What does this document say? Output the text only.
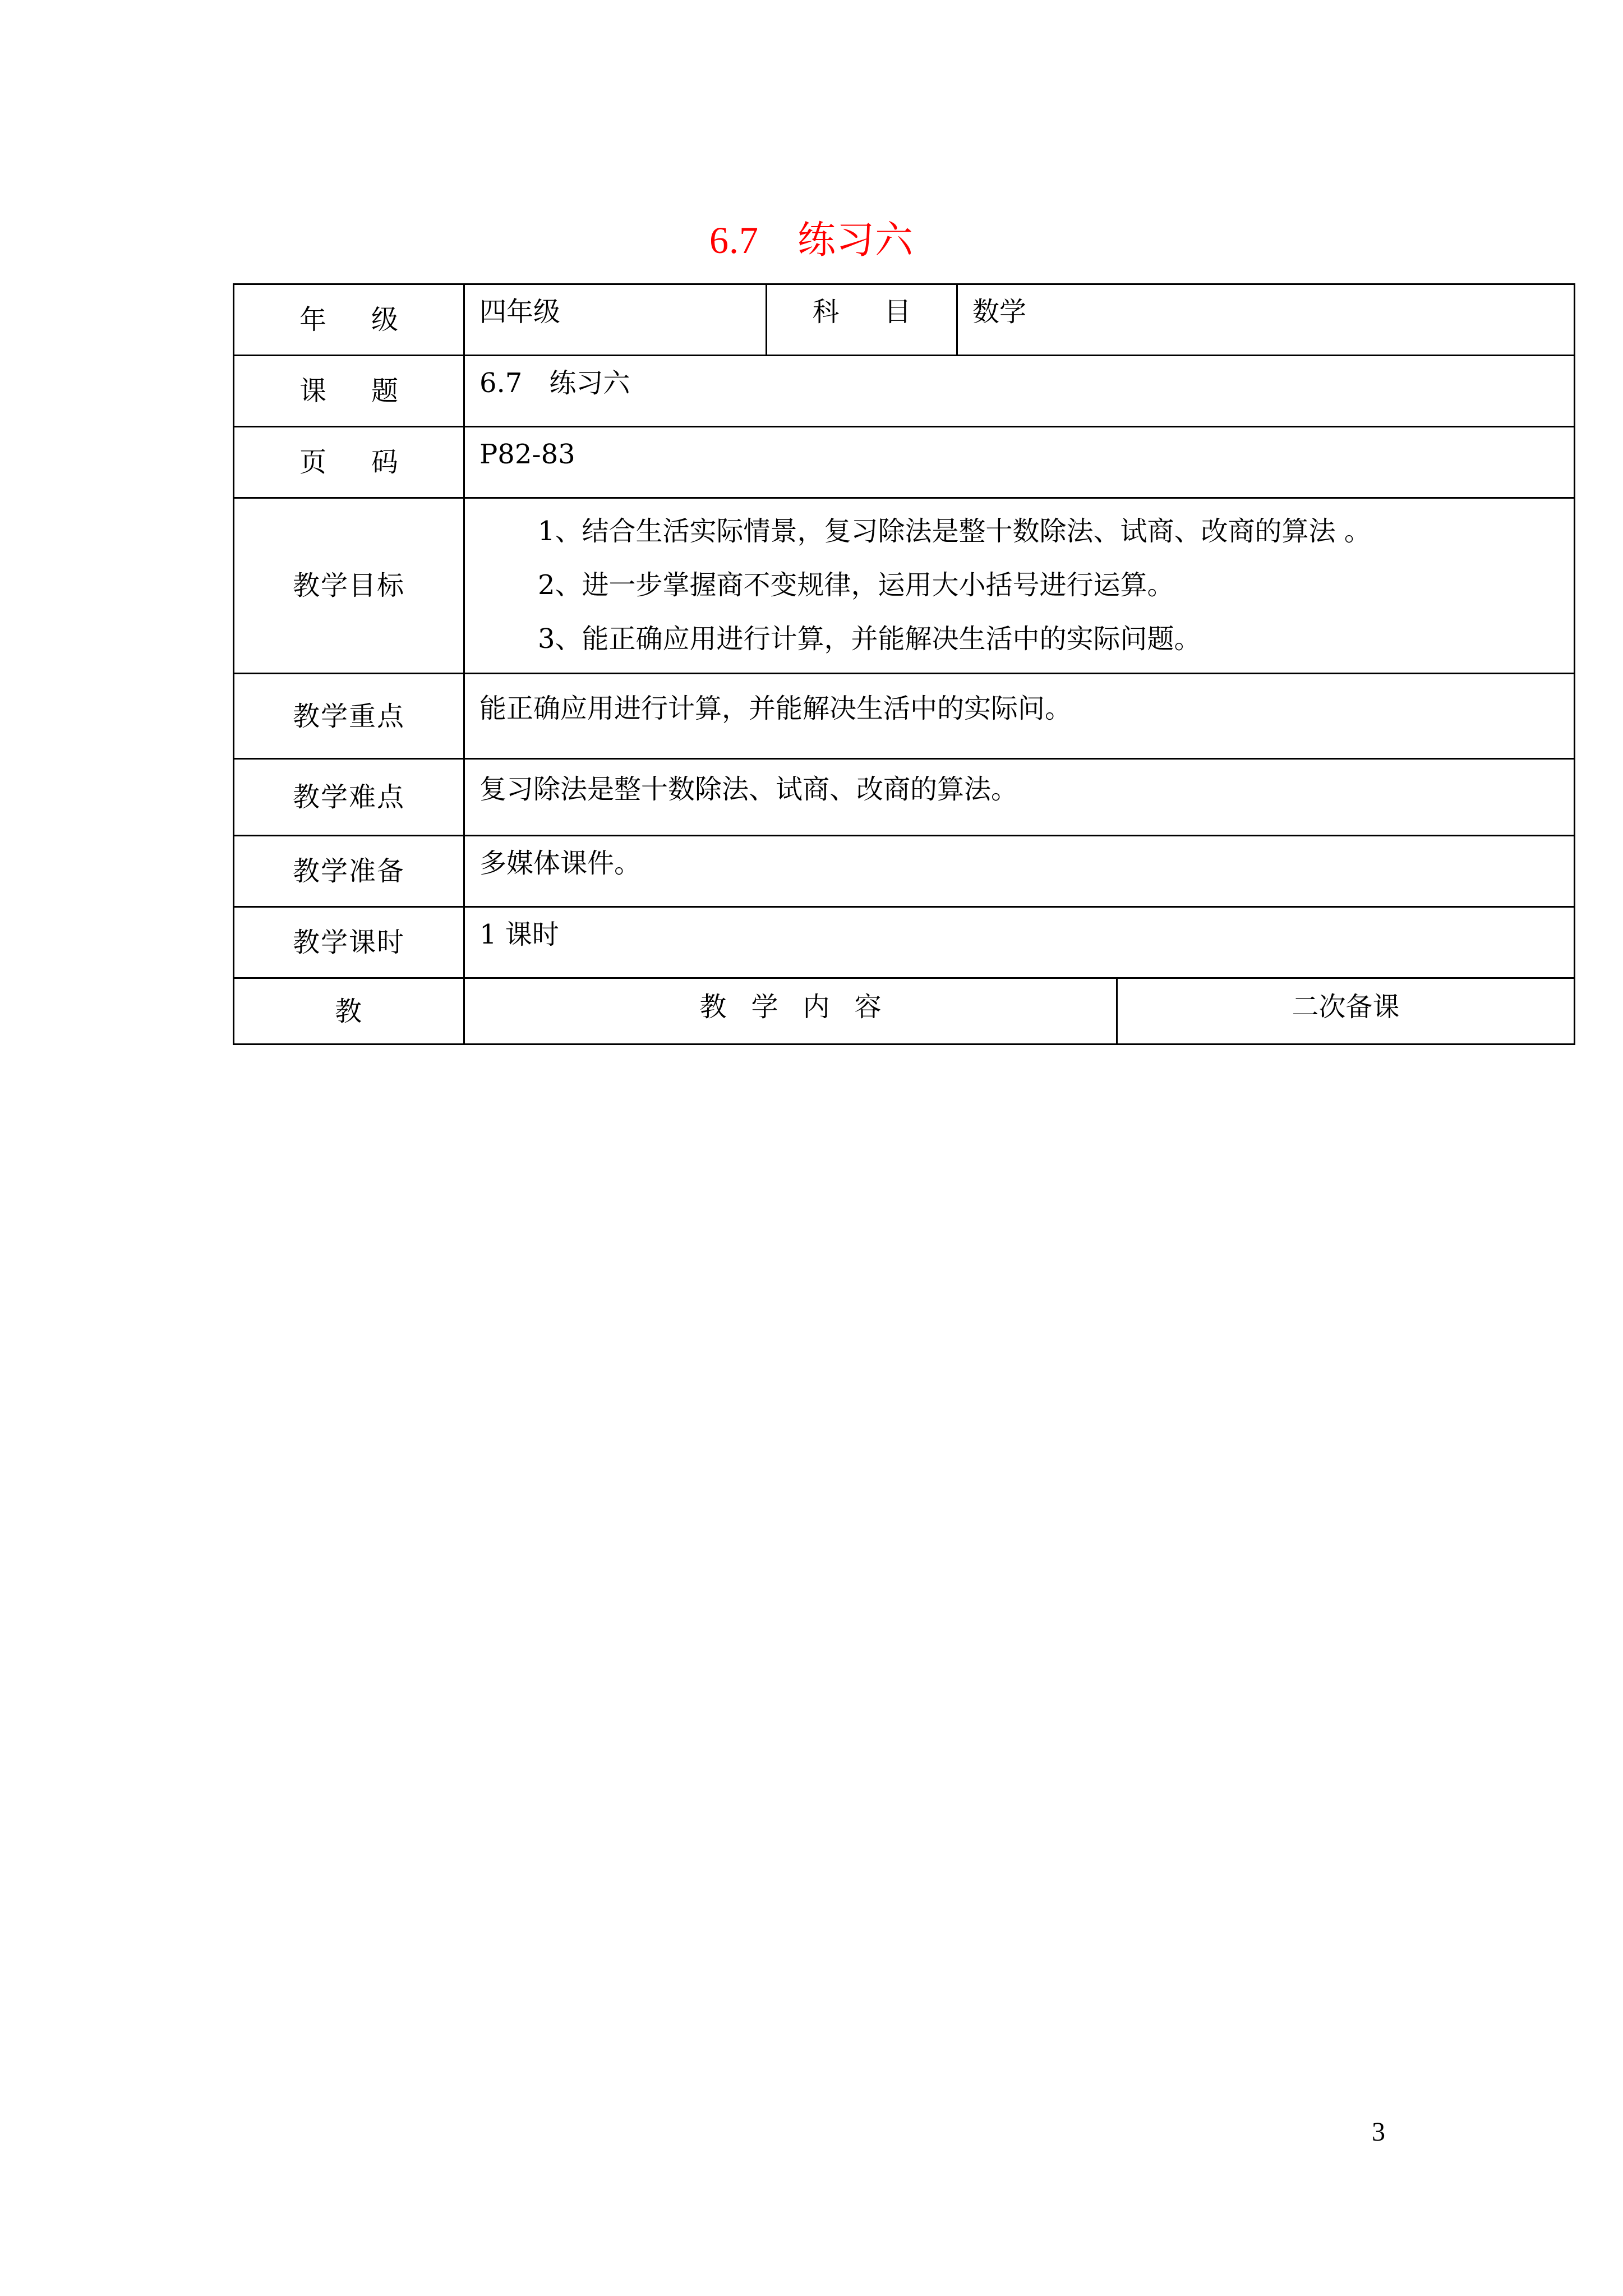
6.7　练习六
年 级	四年级	科 目	数学	
课 题	6.7　练习六			
页 码	P82-83			
教学目标	1、结合生活实际情景，复习除法是整十数除法、试商、改商的算法 。
2、进一步掌握商不变规律，运用大小括号进行运算。
3、能正确应用进行计算，并能解决生活中的实际问题。			

教学重点	能正确应用进行计算，并能解决生活中的实际问。			
教学难点	复习除法是整十数除法、试商、改商的算法。			
教学准备	多媒体课件。			
教学课时	1 课时			
教	教学内容			二次备课
3
